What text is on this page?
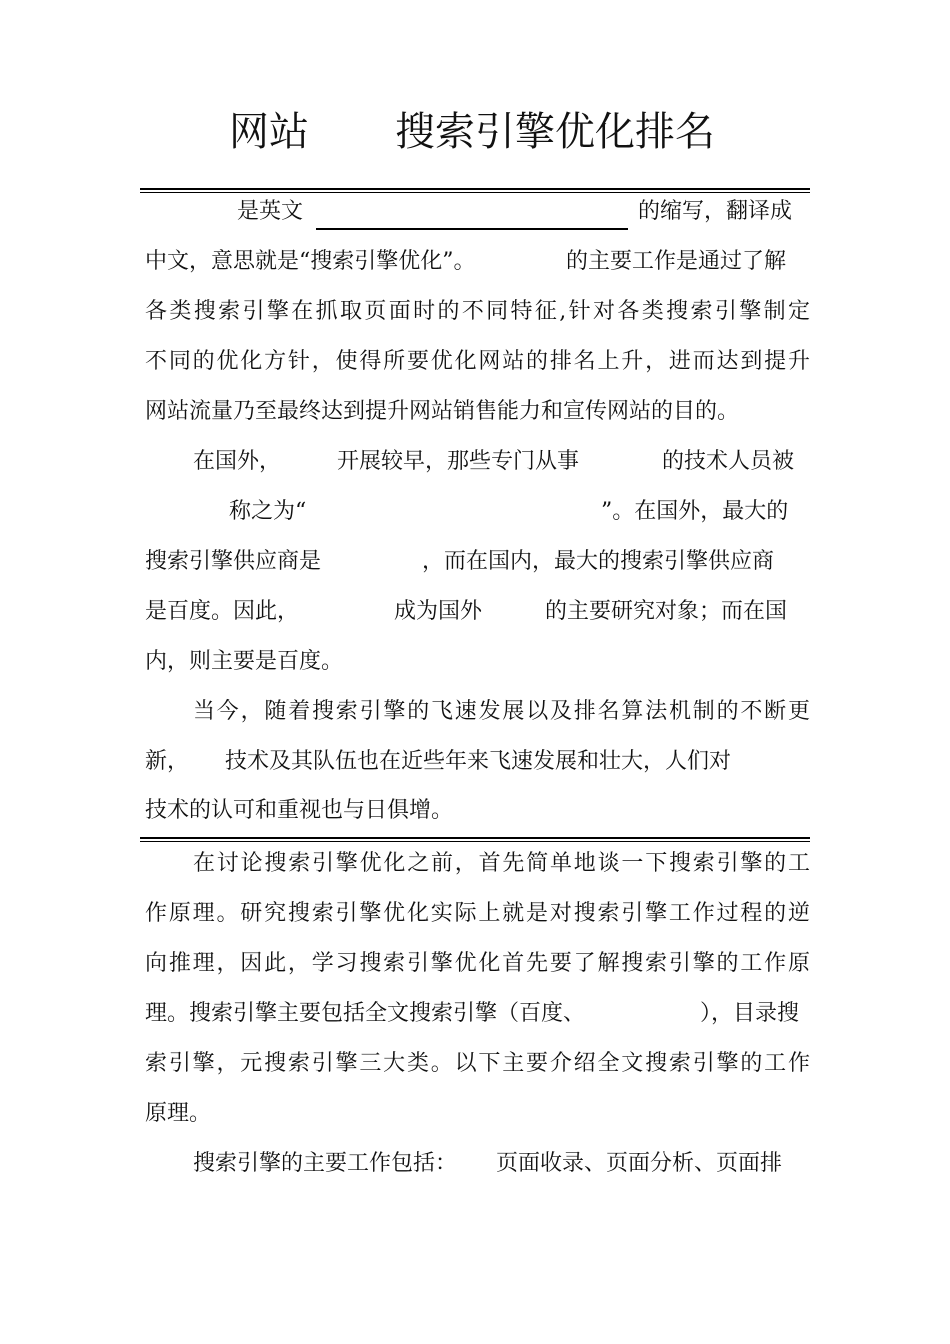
网站 搜索引擎优化排名
是英文	的缩写，翻译成
中文，意思就是“搜索引擎优化”。	的主要工作是通过了解
各类搜索引擎在抓取页面时的不同特征,针对各类搜索引擎制定
不同的优化方针，使得所要优化网站的排名上升，进而达到提升
网站流量乃至最终达到提升网站销售能力和宣传网站的目的。
在国外，	开展较早，那些专门从事	的技术人员被
称之为“	”。在国外，最大的
搜索引擎供应商是	，而在国内，最大的搜索引擎供应商
是百度。因此，	成为国外	的主要研究对象；而在国
内，则主要是百度。
当今，随着搜索引擎的飞速发展以及排名算法机制的不断更
新， 技术及其队伍也在近些年来飞速发展和壮大，人们对
技术的认可和重视也与日俱增。
在讨论搜索引擎优化之前，首先简单地谈一下搜索引擎的工
作原理。研究搜索引擎优化实际上就是对搜索引擎工作过程的逆
向推理，因此，学习搜索引擎优化首先要了解搜索引擎的工作原
理。搜索引擎主要包括全文搜索引擎（百度、	），目录搜
索引擎，元搜索引擎三大类。以下主要介绍全文搜索引擎的工作
原理。
搜索引擎的主要工作包括： 页面收录、页面分析、页面排
